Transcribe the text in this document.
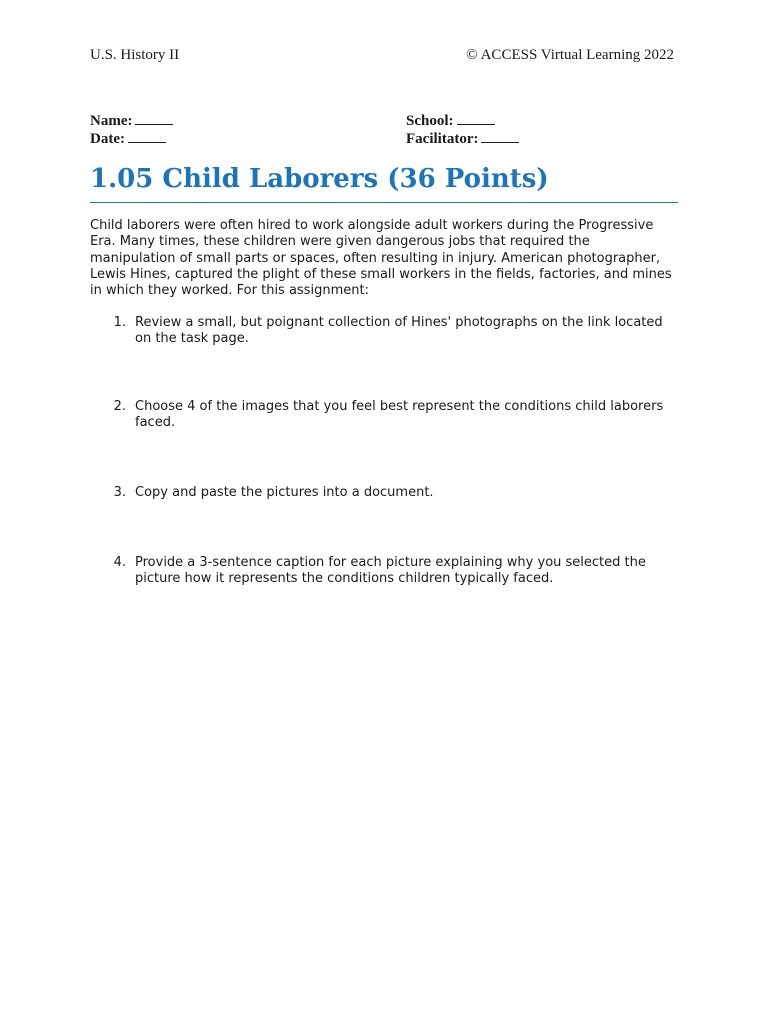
U.S. History II	© ACCESS Virtual Learning 2022
Name:
Date:
School:
Facilitator:
1.05 Child Laborers (36 Points)
Child laborers were often hired to work alongside adult workers during the Progressive Era. Many times, these children were given dangerous jobs that required the manipulation of small parts or spaces, often resulting in injury. American photographer, Lewis Hines, captured the plight of these small workers in the fields, factories, and mines in which they worked. For this assignment:
1. Review a small, but poignant collection of Hines' photographs on the link located on the task page.
2. Choose 4 of the images that you feel best represent the conditions child laborers faced.
3. Copy and paste the pictures into a document.
4. Provide a 3-sentence caption for each picture explaining why you selected the picture how it represents the conditions children typically faced.
